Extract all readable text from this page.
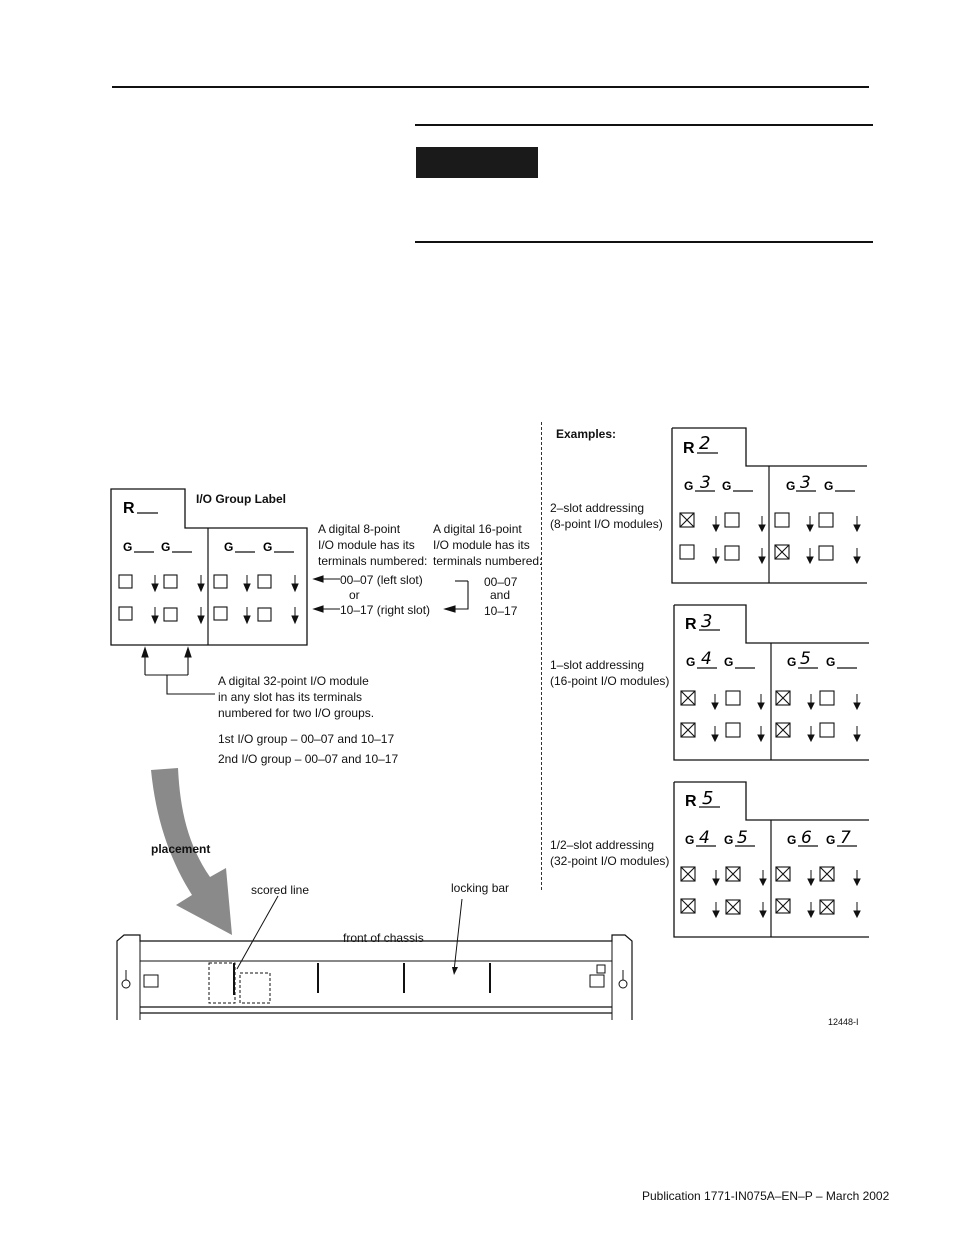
R
G G	G G
I/O Group Label
A digital 8-point
I/O module has its
terminals numbered:
A digital 16-point
I/O module has its
terminals numbered:
00–07 (left slot)
or
10–17 (right slot)
00–07
and
10–17
A digital 32-point I/O module
in any slot has its terminals
numbered for two I/O groups.
1st I/O group – 00–07 and 10–17
2nd I/O group – 00–07 and 10–17
placement
scored line	locking bar
front of chassis
Examples:
2–slot addressing
(8-point I/O modules)
1–slot addressing
(16-point I/O modules)
1/2–slot addressing
(32-point I/O modules)
R 2
G 3 G	G 3 G
R 3
G 4 G	G 5 G
R 5
G 4 G 5	G 6 G 7
12448-I
Publication 1771-IN075A–EN–P – March 2002
